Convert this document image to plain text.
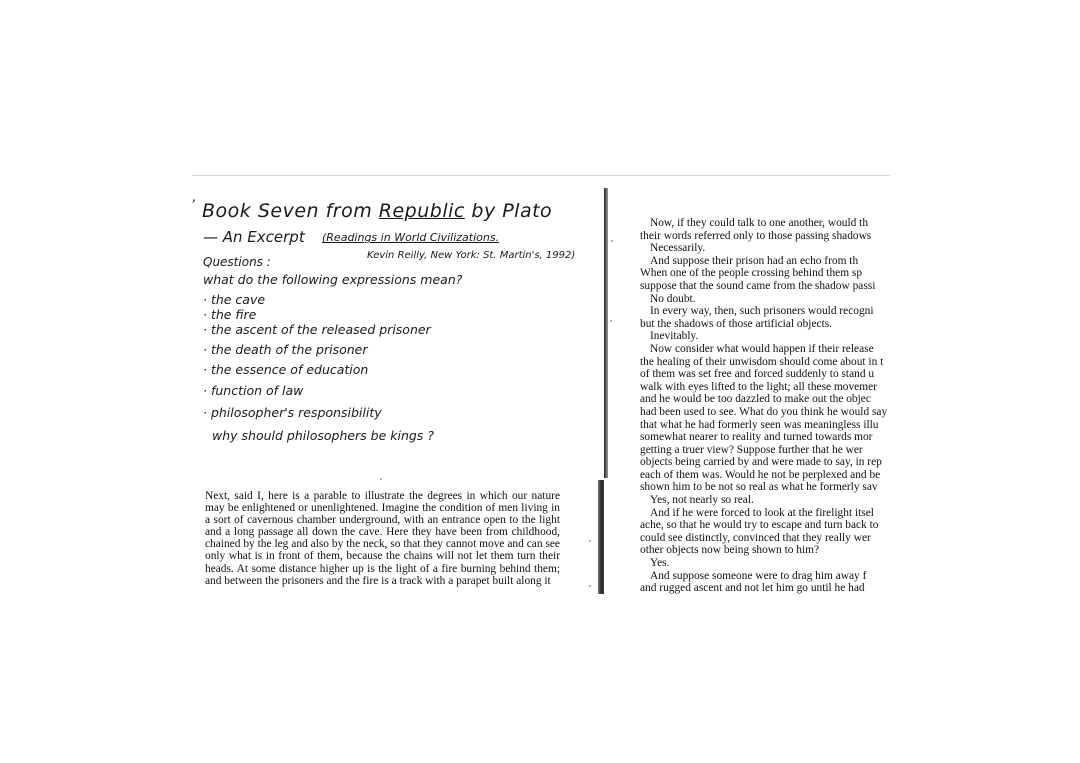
,
Book Seven from Republic by Plato
— An Excerpt (Readings in World Civilizations.
Kevin Reilly, New York: St. Martin's, 1992)
Questions :
what do the following expressions mean?
· the cave
· the fire
· the ascent of the released prisoner
· the death of the prisoner
· the essence of education
· function of law
· philosopher's responsibility
why should philosophers be kings ?

Next, said I, here is a parable to illustrate the degrees in which our nature may be enlightened or unenlightened. Imagine the condition of men living in a sort of cavernous chamber underground, with an entrance open to the light and a long passage all down the cave. Here they have been from childhood, chained by the leg and also by the neck, so that they cannot move and can see only what is in front of them, because the chains will not let them turn their heads. At some distance higher up is the light of a fire burning behind them; and between the prisoners and the fire is a track with a parapet built along it

Now, if they could talk to one another, would th
their words referred only to those passing shadows
Necessarily.
And suppose their prison had an echo from th
When one of the people crossing behind them sp
suppose that the sound came from the shadow passi
No doubt.
In every way, then, such prisoners would recogni
but the shadows of those artificial objects.
Inevitably.
Now consider what would happen if their release
the healing of their unwisdom should come about in t
of them was set free and forced suddenly to stand u
walk with eyes lifted to the light; all these movemer
and he would be too dazzled to make out the objec
had been used to see. What do you think he would say
that what he had formerly seen was meaningless illu
somewhat nearer to reality and turned towards mor
getting a truer view? Suppose further that he wer
objects being carried by and were made to say, in rep
each of them was. Would he not be perplexed and be
shown him to be not so real as what he formerly sav
Yes, not nearly so real.
And if he were forced to look at the firelight itsel
ache, so that he would try to escape and turn back to
could see distinctly, convinced that they really wer
other objects now being shown to him?
Yes.
And suppose someone were to drag him away f
and rugged ascent and not let him go until he had
